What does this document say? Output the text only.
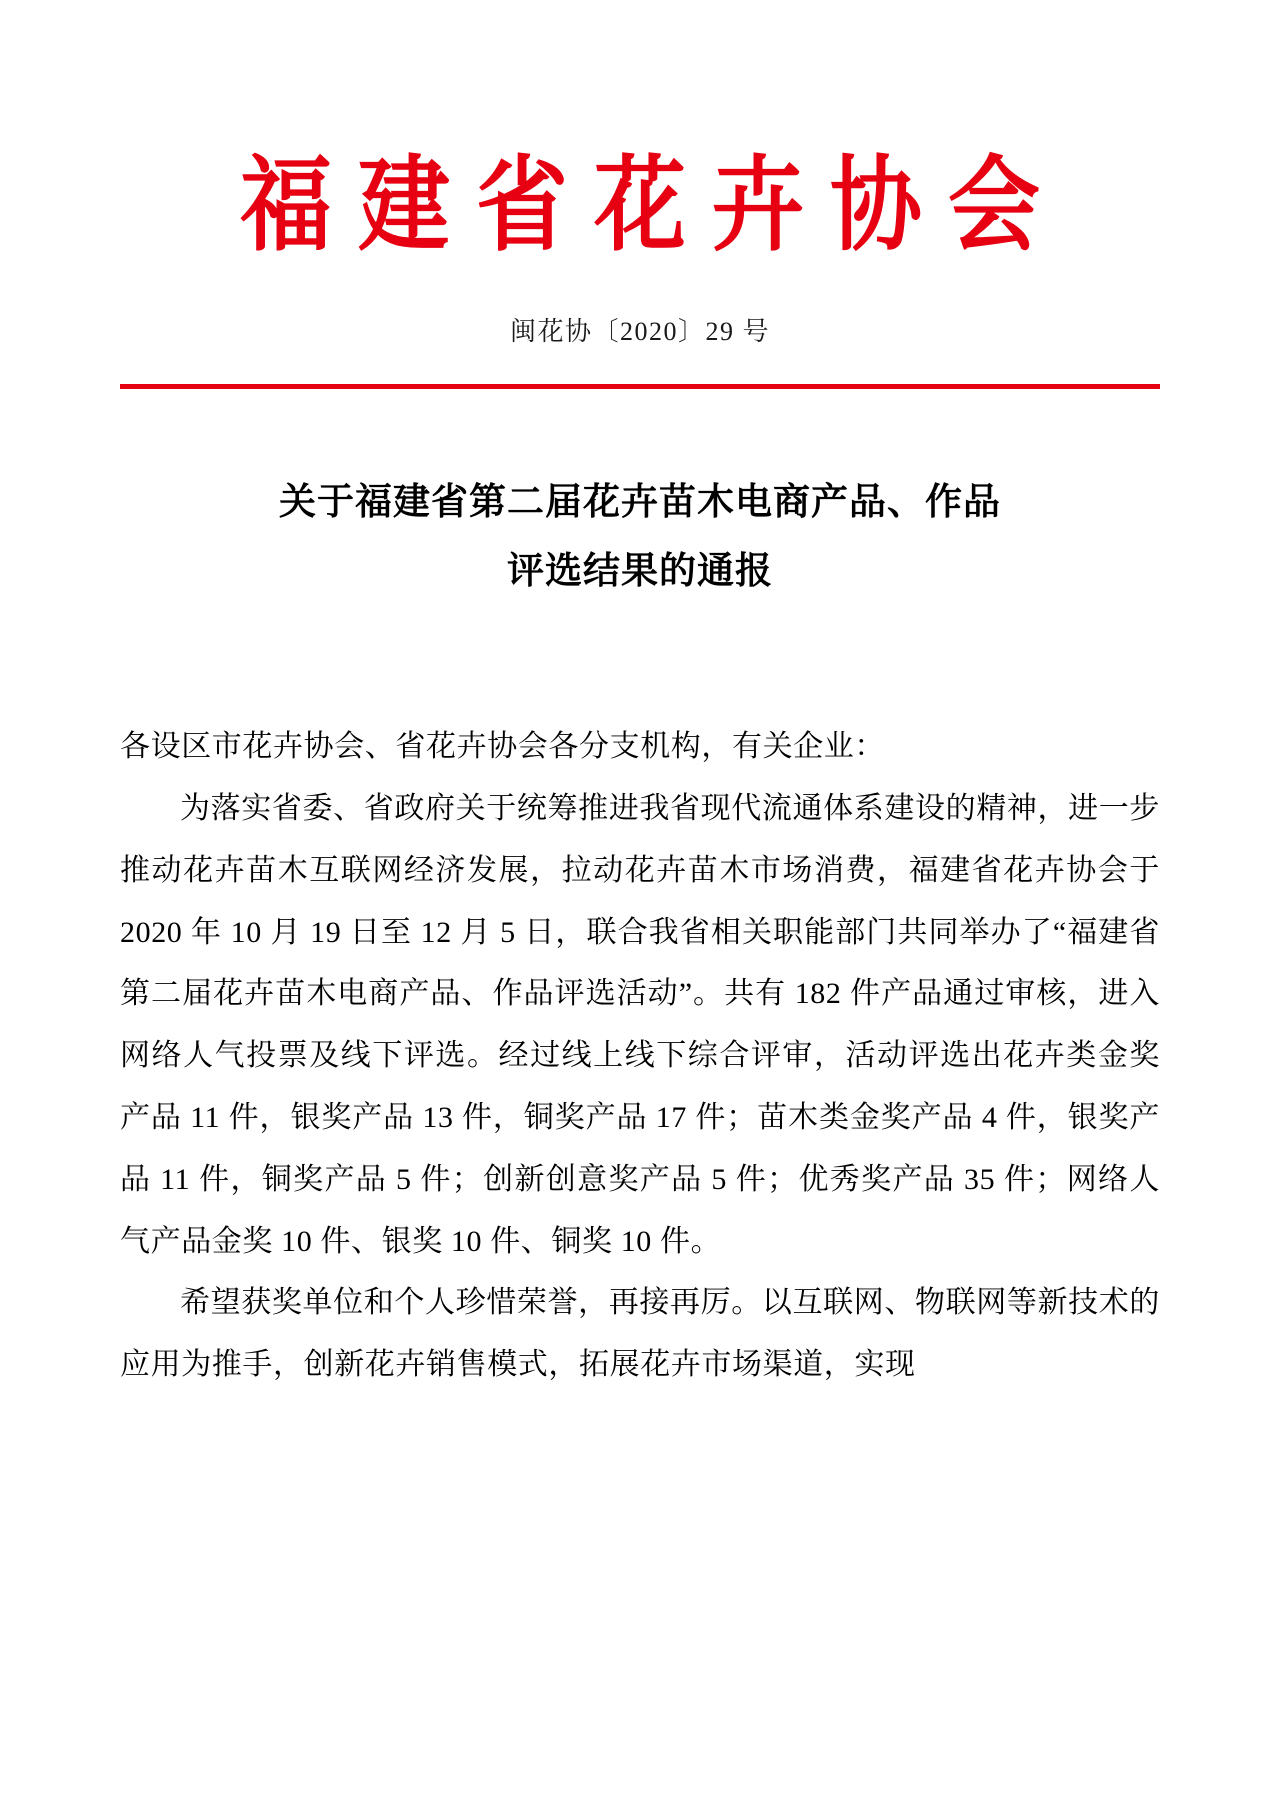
福建省花卉协会
闽花协〔2020〕29 号
关于福建省第二届花卉苗木电商产品、作品
评选结果的通报

各设区市花卉协会、省花卉协会各分支机构，有关企业：

为落实省委、省政府关于统筹推进我省现代流通体系建设的精神，进一步推动花卉苗木互联网经济发展，拉动花卉苗木市场消费，福建省花卉协会于 2020 年 10 月 19 日至 12 月 5 日，联合我省相关职能部门共同举办了“福建省第二届花卉苗木电商产品、作品评选活动”。共有 182 件产品通过审核，进入网络人气投票及线下评选。经过线上线下综合评审，活动评选出花卉类金奖产品 11 件，银奖产品 13 件，铜奖产品 17 件；苗木类金奖产品 4 件，银奖产品 11 件，铜奖产品 5 件；创新创意奖产品 5 件；优秀奖产品 35 件；网络人气产品金奖 10 件、银奖 10 件、铜奖 10 件。

希望获奖单位和个人珍惜荣誉，再接再厉。以互联网、物联网等新技术的应用为推手，创新花卉销售模式，拓展花卉市场渠道，实现
